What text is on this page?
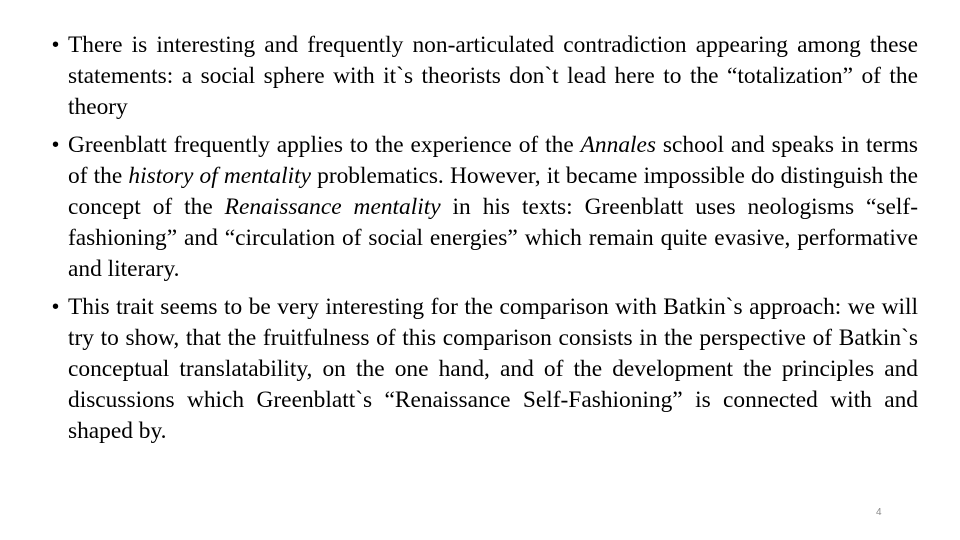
• There is interesting and frequently non-articulated contradiction appearing among these statements: a social sphere with it`s theorists don`t lead here to the “totalization” of the theory
• Greenblatt frequently applies to the experience of the Annales school and speaks in terms of the history of mentality problematics. However, it became impossible do distinguish the concept of the Renaissance mentality in his texts: Greenblatt uses neologisms “self-fashioning” and “circulation of social energies” which remain quite evasive, performative and literary.
• This trait seems to be very interesting for the comparison with Batkin`s approach: we will try to show, that the fruitfulness of this comparison consists in the perspective of Batkin`s conceptual translatability, on the one hand, and of the development the principles and discussions which Greenblatt`s “Renaissance Self-Fashioning” is connected with and shaped by.
4
